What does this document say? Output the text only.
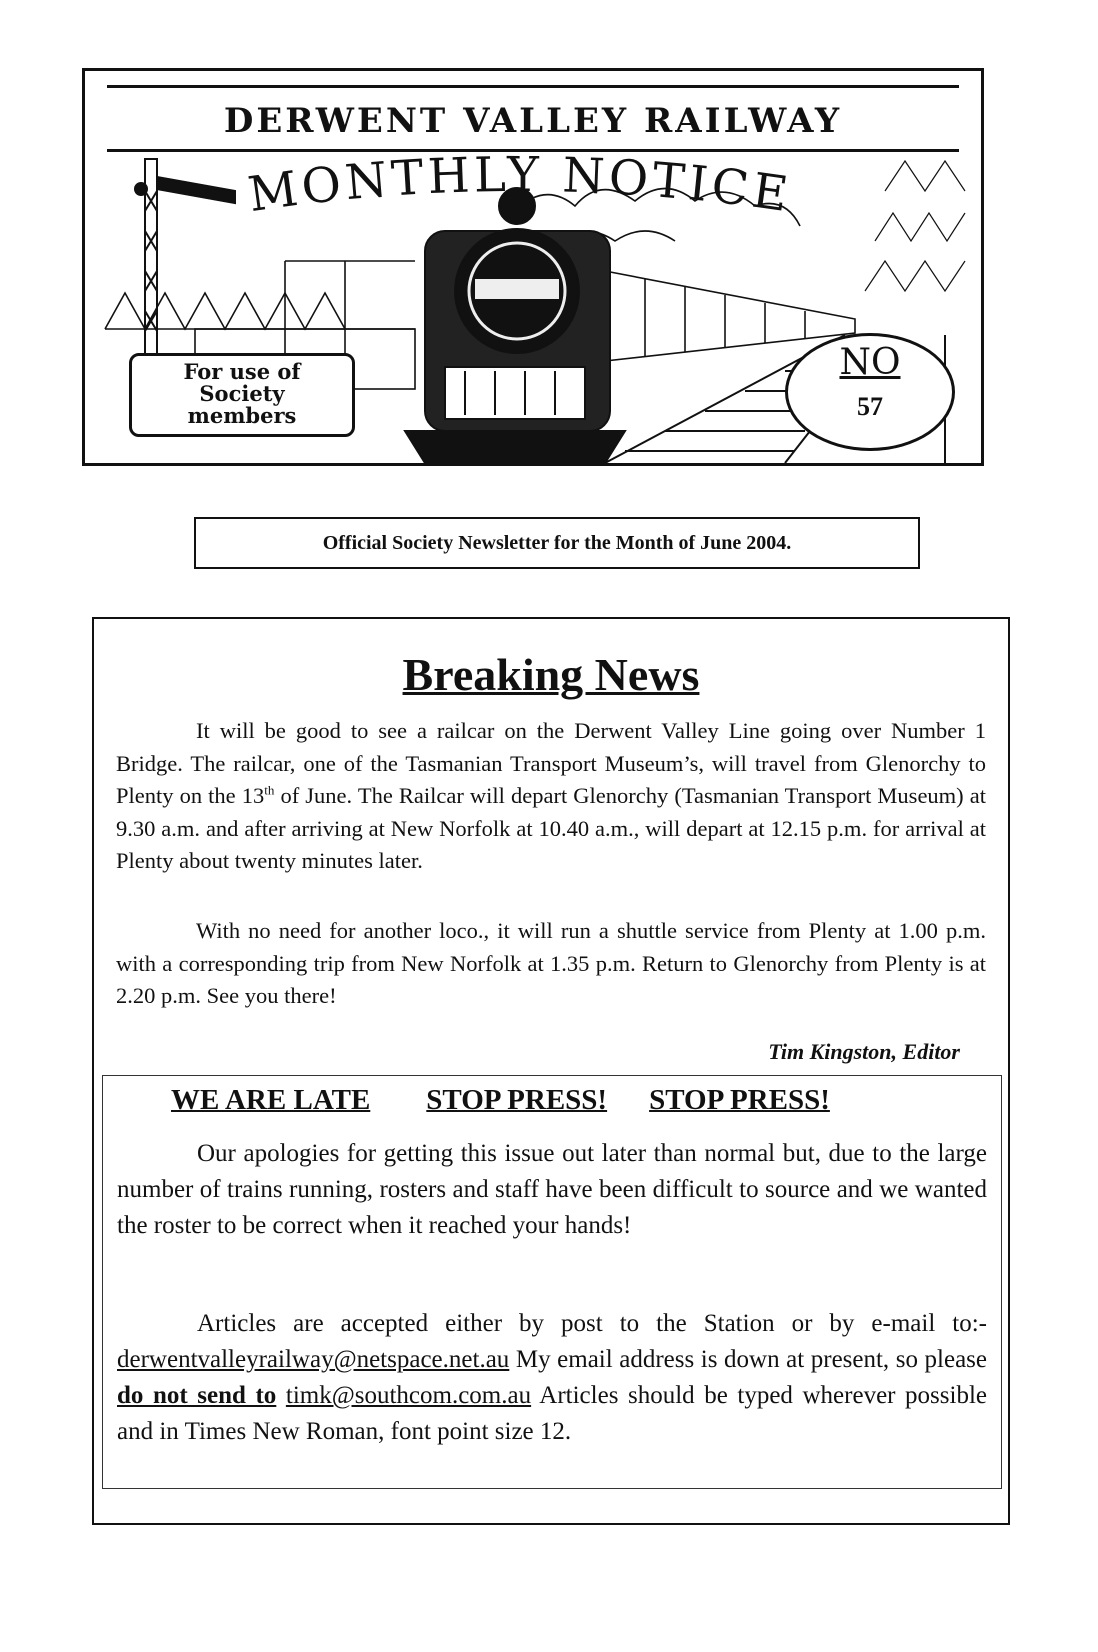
DERWENT VALLEY RAILWAY
MONTHLY NOTICE
For use of
Society
members
NO
57
Official Society Newsletter for the Month of June 2004.
Breaking News

It will be good to see a railcar on the Derwent Valley Line going over Number 1 Bridge. The railcar, one of the Tasmanian Transport Museum’s, will travel from Glenorchy to Plenty on the 13th of June. The Railcar will depart Glenorchy (Tasmanian Transport Museum) at 9.30 a.m. and after arriving at New Norfolk at 10.40 a.m., will depart at 12.15 p.m. for arrival at Plenty about twenty minutes later.

With no need for another loco., it will run a shuttle service from Plenty at 1.00 p.m. with a corresponding trip from New Norfolk at 1.35 p.m. Return to Glenorchy from Plenty is at 2.20 p.m. See you there!

Tim Kingston, Editor
WE ARE LATE STOP PRESS! STOP PRESS!

Our apologies for getting this issue out later than normal but, due to the large number of trains running, rosters and staff have been difficult to source and we wanted the roster to be correct when it reached your hands!

Articles are accepted either by post to the Station or by e-mail to:- derwentvalleyrailway@netspace.net.au My email address is down at present, so please do not send to timk@southcom.com.au Articles should be typed wherever possible and in Times New Roman, font point size 12.
